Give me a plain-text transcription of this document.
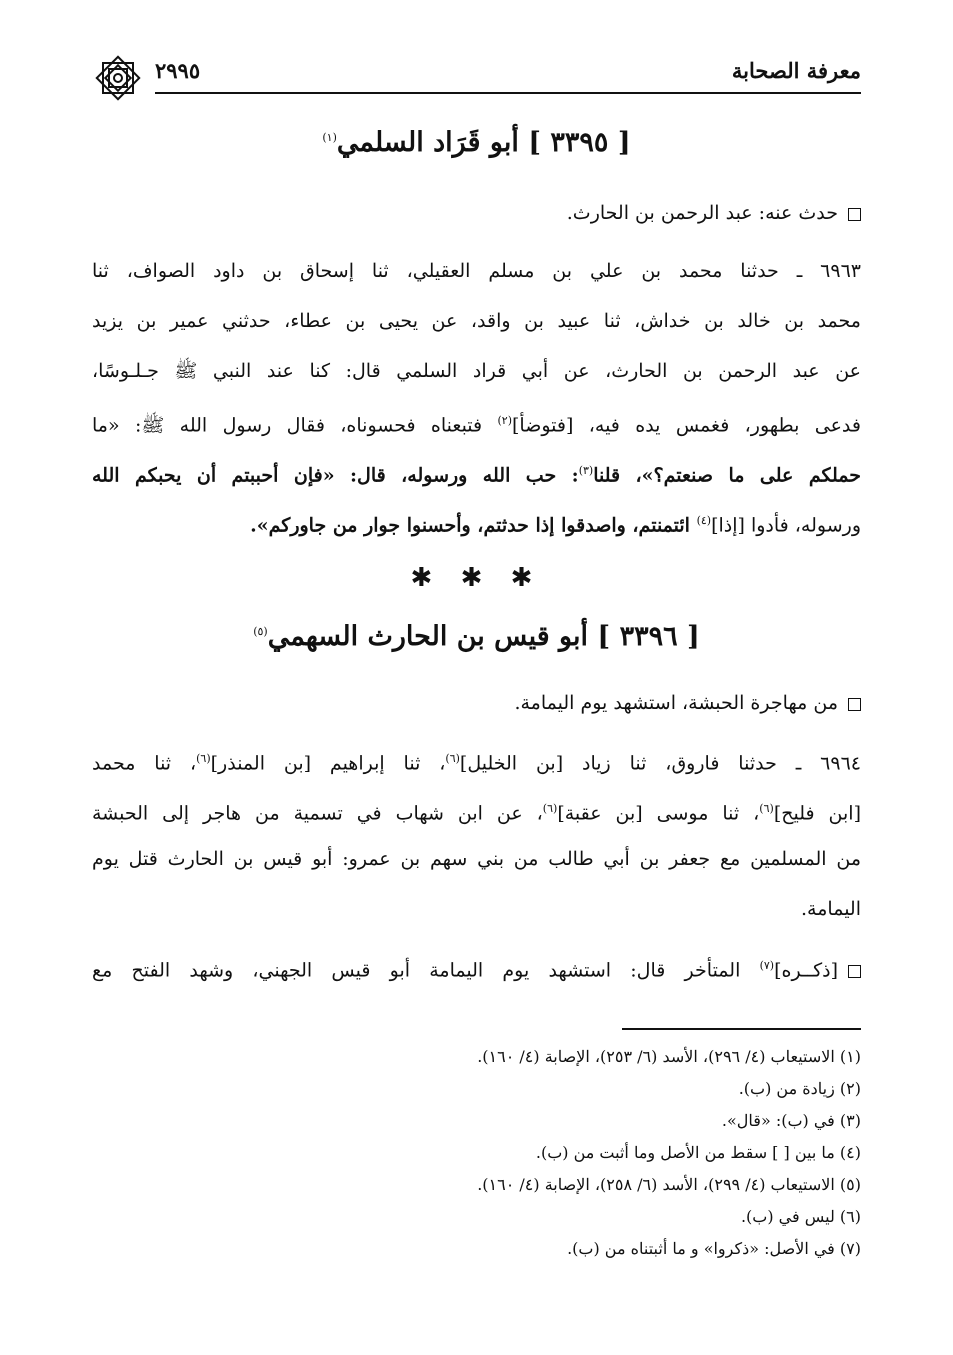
معرفة الصحابة
٢٩٩٥
[ ٣٣٩٥ ] أبو قَرَاد السلمي$^{(١)}$
حدث عنه: عبد الرحمن بن الحارث.
٦٩٦٣ ـ حدثنا محمد بن علي بن مسلم العقيلي، ثنا إسحاق بن داود الصواف، ثنا
محمد بن خالد بن خداش، ثنا عبيد بن واقد، عن يحيى بن عطاء، حدثني عمير بن يزيد
عن عبد الرحمن بن الحارث، عن أبي قراد السلمي قال: كنا عند النبي ﷺ جـلـوسًا،
فدعى بطهور، فغمس يده فيه، [فتوضأ]$^{(٢)}$ فتبعناه فحسوناه، فقال رسول الله ﷺ: «ما
حملكم على ما صنعتم؟»، قلنا$^{(٣)}$: حب الله ورسوله، قال: «فإن أحببتم أن يحبكم الله
ورسوله، فأدوا [إذا]$^{(٤)}$ ائتمنتم، واصدقوا إذا حدثتم، وأحسنوا جوار من جاوركم».
✱ ✱ ✱
[ ٣٣٩٦ ] أبو قيس بن الحارث السهمي$^{(٥)}$
من مهاجرة الحبشة، استشهد يوم اليمامة.
٦٩٦٤ ـ حدثنا فاروق، ثنا زياد [بن الخليل]$^{(٦)}$، ثنا إبراهيم [بن المنذر]$^{(٦)}$، ثنا محمد
[ابن فليح]$^{(٦)}$، ثنا موسى [بن عقبة]$^{(٦)}$، عن ابن شهاب في تسمية من هاجر إلى الحبشة
من المسلمين مع جعفر بن أبي طالب من بني سهم بن عمرو: أبو قيس بن الحارث قتل يوم
اليمامة.
[ذكــره]$^{(٧)}$ المتأخر قال: استشهد يوم اليمامة أبو قيس الجهني، وشهد الفتح مع
(١) الاستيعاب (٤/ ٢٩٦)، الأسد (٦/ ٢٥٣)، الإصابة (٤/ ١٦٠).
(٢) زيادة من (ب).
(٣) في (ب): «قال».
(٤) ما بين [ ] سقط من الأصل وما أثبت من (ب).
(٥) الاستيعاب (٤/ ٢٩٩)، الأسد (٦/ ٢٥٨)، الإصابة (٤/ ١٦٠).
(٦) ليس في (ب).
(٧) في الأصل: «ذكروا» و ما أثبتناه من (ب).
